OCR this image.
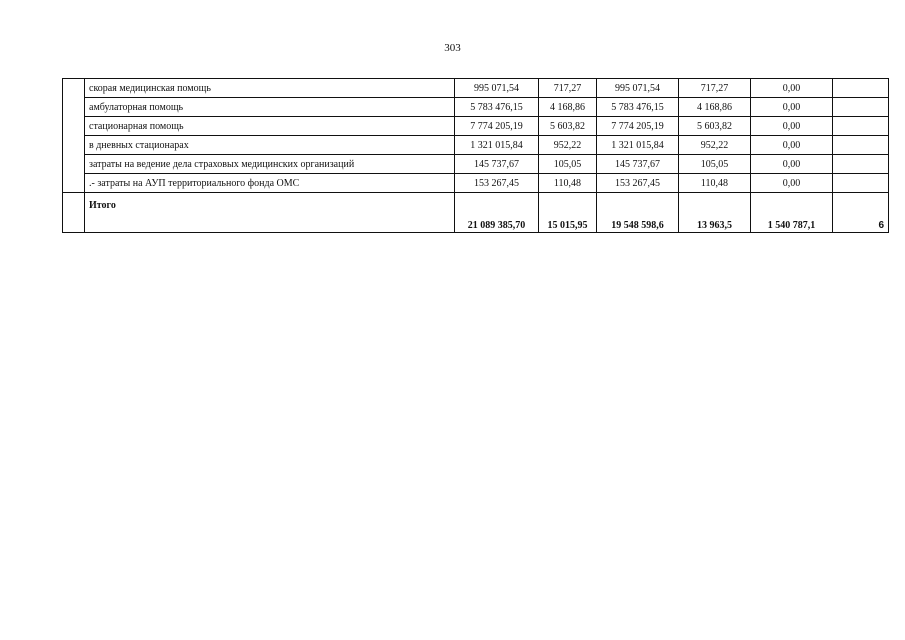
303
	скорая медицинская помощь	995 071,54	717,27	995 071,54	717,27	0,00	
	амбулаторная помощь	5 783 476,15	4 168,86	5 783 476,15	4 168,86	0,00	
	стационарная помощь	7 774 205,19	5 603,82	7 774 205,19	5 603,82	0,00	
	в дневных стационарах	1 321 015,84	952,22	1 321 015,84	952,22	0,00	
	затраты на ведение дела страховых медицинских организаций	145 737,67	105,05	145 737,67	105,05	0,00	
	.- затраты на АУП территориального фонда ОМС	153 267,45	110,48	153 267,45	110,48	0,00	
	Итого	21 089 385,70	15 015,95	19 548 598,6	13 963,5	1 540 787,1	6
